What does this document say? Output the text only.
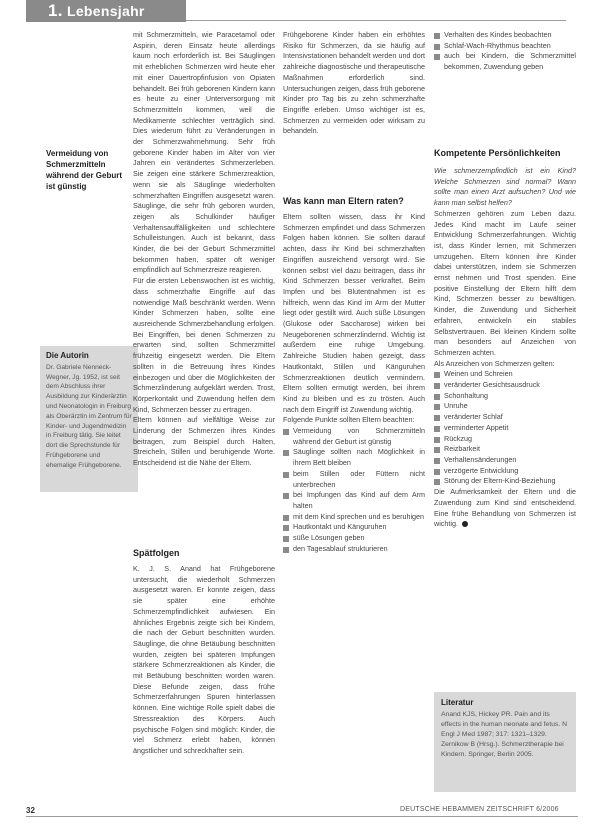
1. Lebensjahr
Vermeidung von Schmerzmitteln während der Geburt ist günstig
Die Autorin
Dr. Gabriele Nenneck-Wegner, Jg. 1952, ist seit dem Abschluss ihrer Ausbildung zur Kinderärztin und Neonatologin in Freiburg als Oberärztin im Zentrum für Kinder- und Jugendmedizin in Freiburg tätig. Sie leitet dort die Sprechstunde für Frühgeborene und ehemalige Frühgeborene.

mit Schmerzmitteln, wie Paracetamol oder Aspirin, deren Einsatz heute allerdings kaum noch erforderlich ist. Bei Säuglingen mit erheblichen Schmerzen wird heute eher mit einer Dauertropfinfusion von Opiaten behandelt. Bei früh geborenen Kindern kann es heute zu einer Unterversorgung mit Schmerzmitteln kommen, weil die Medikamente schlechter verträglich sind. Dies wiederum führt zu Veränderungen in der Schmerzwahrnehmung. Sehr früh geborene Kinder haben im Alter von vier Jahren ein verändertes Schmerzerleben. Sie zeigen eine stärkere Schmerzreaktion, wenn sie als Säuglinge wiederholten schmerzhaften Eingriffen ausgesetzt waren. Säuglinge, die sehr früh geboren wurden, zeigen als Schulkinder häufiger Verhaltensauffälligkeiten und schlechtere Schulleistungen. Auch ist bekannt, dass Kinder, die bei der Geburt Schmerzmittel bekommen haben, später oft weniger empfindlich auf Schmerzreize reagieren.

Für die ersten Lebenswochen ist es wichtig, dass schmerzhafte Eingriffe auf das notwendige Maß beschränkt werden. Wenn Kinder Schmerzen haben, sollte eine ausreichende Schmerzbehandlung erfolgen. Bei Eingriffen, bei denen Schmerzen zu erwarten sind, sollten Schmerzmittel frühzeitig eingesetzt werden. Die Eltern sollten in die Betreuung ihres Kindes einbezogen und über die Möglichkeiten der Schmerzlinderung aufgeklärt werden. Trost, Körperkontakt und Zuwendung helfen dem Kind, Schmerzen besser zu ertragen.

Eltern können auf vielfältige Weise zur Linderung der Schmerzen ihres Kindes beitragen, zum Beispiel durch Halten, Streicheln, Stillen und beruhigende Worte. Entscheidend ist die Nähe der Eltern.

Spätfolgen

K. J. S. Anand hat Frühgeborene untersucht, die wiederholt Schmerzen ausgesetzt waren. Er konnte zeigen, dass sie später eine erhöhte Schmerzempfindlichkeit aufwiesen. Ein ähnliches Ergebnis zeigte sich bei Kindern, die nach der Geburt beschnitten wurden. Säuglinge, die ohne Betäubung beschnitten wurden, zeigten bei späteren Impfungen stärkere Schmerzreaktionen als Kinder, die mit Betäubung beschnitten worden waren. Diese Befunde zeigen, dass frühe Schmerzerfahrungen Spuren hinterlassen können. Eine wichtige Rolle spielt dabei die Stressreaktion des Körpers. Auch psychische Folgen sind möglich: Kinder, die viel Schmerz erlebt haben, können ängstlicher und schreckhafter sein.

Frühgeborene Kinder haben ein erhöhtes Risiko für Schmerzen, da sie häufig auf Intensivstationen behandelt werden und dort zahlreiche diagnostische und therapeutische Maßnahmen erforderlich sind. Untersuchungen zeigen, dass früh geborene Kinder pro Tag bis zu zehn schmerzhafte Eingriffe erleben. Umso wichtiger ist es, Schmerzen zu vermeiden oder wirksam zu behandeln.

Was kann man Eltern raten?

Eltern sollten wissen, dass ihr Kind Schmerzen empfindet und dass Schmerzen Folgen haben können. Sie sollten darauf achten, dass ihr Kind bei schmerzhaften Eingriffen ausreichend versorgt wird. Sie können selbst viel dazu beitragen, dass ihr Kind Schmerzen besser verkraftet. Beim Impfen und bei Blutentnahmen ist es hilfreich, wenn das Kind im Arm der Mutter liegt oder gestillt wird. Auch süße Lösungen (Glukose oder Saccharose) wirken bei Neugeborenen schmerzlindernd. Wichtig ist außerdem eine ruhige Umgebung. Zahlreiche Studien haben gezeigt, dass Hautkontakt, Stillen und Känguruhen Schmerzreaktionen deutlich vermindern. Eltern sollten ermutigt werden, bei ihrem Kind zu bleiben und es zu trösten. Auch nach dem Eingriff ist Zuwendung wichtig.

Folgende Punkte sollten Eltern beachten:

Vermeidung von Schmerzmitteln während der Geburt ist günstig
Säuglinge sollten nach Möglichkeit in ihrem Bett bleiben
beim Stillen oder Füttern nicht unterbrechen
bei Impfungen das Kind auf dem Arm halten
mit dem Kind sprechen und es beruhigen
Hautkontakt und Känguruhen
süße Lösungen geben
den Tagesablauf strukturieren
Verhalten des Kindes beobachten
Schlaf-Wach-Rhythmus beachten
auch bei Kindern, die Schmerzmittel bekommen, Zuwendung geben
Kompetente Persönlichkeiten

Wie schmerzempfindlich ist ein Kind? Welche Schmerzen sind normal? Wann sollte man einen Arzt aufsuchen? Und wie kann man selbst helfen?

Schmerzen gehören zum Leben dazu. Jedes Kind macht im Laufe seiner Entwicklung Schmerzerfahrungen. Wichtig ist, dass Kinder lernen, mit Schmerzen umzugehen. Eltern können ihre Kinder dabei unterstützen, indem sie Schmerzen ernst nehmen und Trost spenden. Eine positive Einstellung der Eltern hilft dem Kind, Schmerzen besser zu bewältigen. Kinder, die Zuwendung und Sicherheit erfahren, entwickeln ein stabiles Selbstvertrauen. Bei kleinen Kindern sollte man besonders auf Anzeichen von Schmerzen achten.

Als Anzeichen von Schmerzen gelten:

Weinen und Schreien
veränderter Gesichtsausdruck
Schonhaltung
Unruhe
veränderter Schlaf
verminderter Appetit
Rückzug
Reizbarkeit
Verhaltensänderungen
verzögerte Entwicklung
Störung der Eltern-Kind-Beziehung

Die Aufmerksamkeit der Eltern und die Zuwendung zum Kind sind entscheidend. Eine frühe Behandlung von Schmerzen ist wichtig.

Literatur
Anand KJS, Hickey PR. Pain and its effects in the human neonate and fetus. N Engl J Med 1987; 317: 1321–1329. Zernikow B (Hrsg.). Schmerztherapie bei Kindern. Springer, Berlin 2005.
32	DEUTSCHE HEBAMMEN ZEITSCHRIFT 6/2006
